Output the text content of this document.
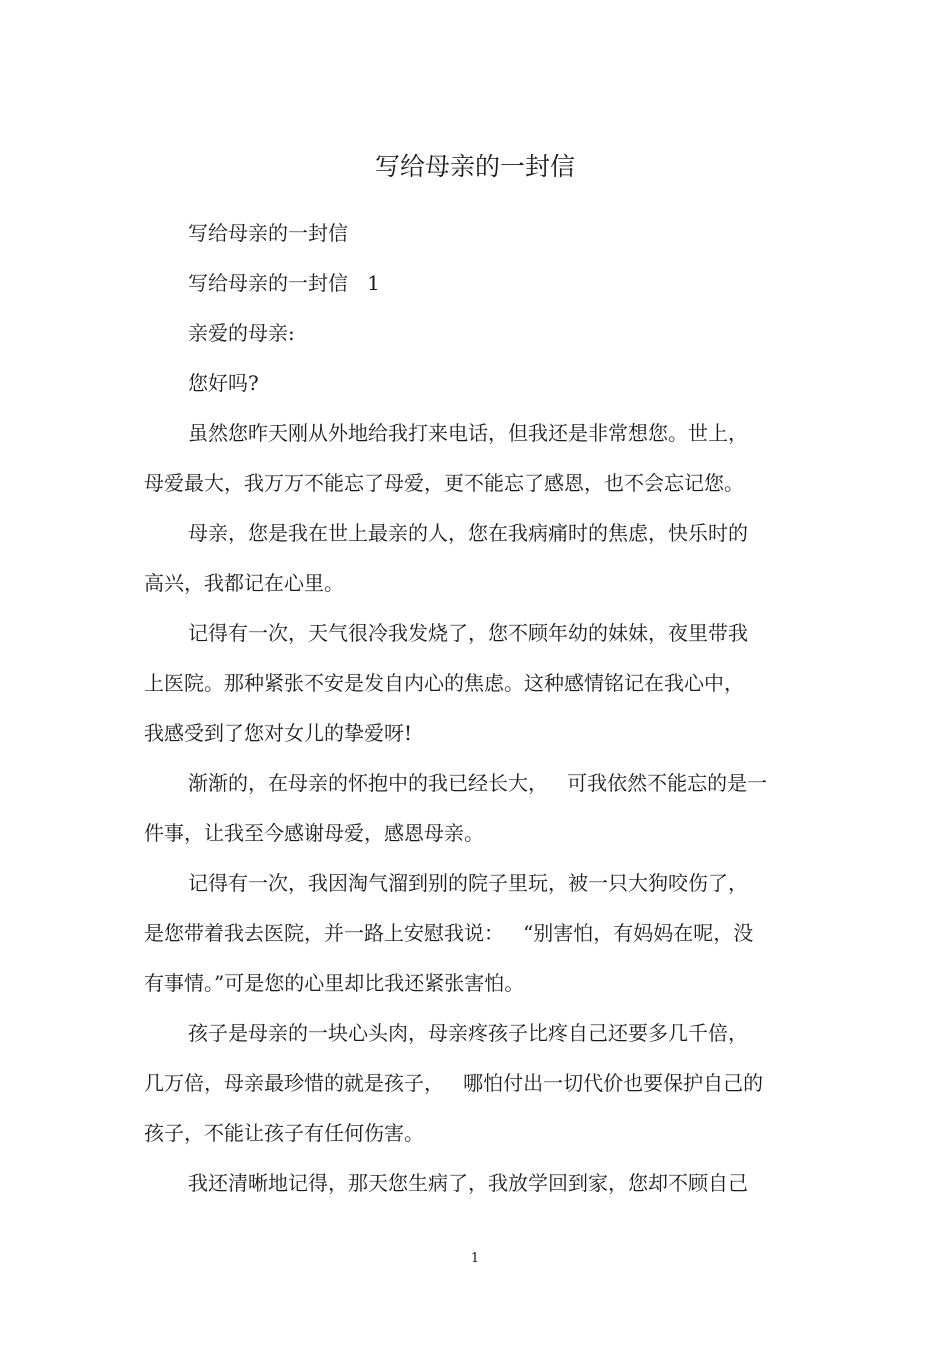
写给母亲的一封信

写给母亲的一封信

写给母亲的一封信   1

亲爱的母亲:

您好吗?

虽然您昨天刚从外地给我打来电话，但我还是非常想您。世上，

母爱最大，我万万不能忘了母爱，更不能忘了感恩，也不会忘记您。

母亲，您是我在世上最亲的人，您在我病痛时的焦虑，快乐时的

高兴，我都记在心里。

记得有一次，天气很冷我发烧了，您不顾年幼的妹妹，夜里带我

上医院。那种紧张不安是发自内心的焦虑。这种感情铭记在我心中，

我感受到了您对女儿的挚爱呀!

渐渐的，在母亲的怀抱中的我已经长大，   可我依然不能忘的是一

件事，让我至今感谢母爱，感恩母亲。

记得有一次，我因淘气溜到别的院子里玩，被一只大狗咬伤了，

是您带着我去医院，并一路上安慰我说：   “别害怕，有妈妈在呢，没

有事情。”可是您的心里却比我还紧张害怕。

孩子是母亲的一块心头肉，母亲疼孩子比疼自己还要多几千倍，

几万倍，母亲最珍惜的就是孩子，   哪怕付出一切代价也要保护自己的

孩子，不能让孩子有任何伤害。

我还清晰地记得，那天您生病了，我放学回到家，您却不顾自己

1
